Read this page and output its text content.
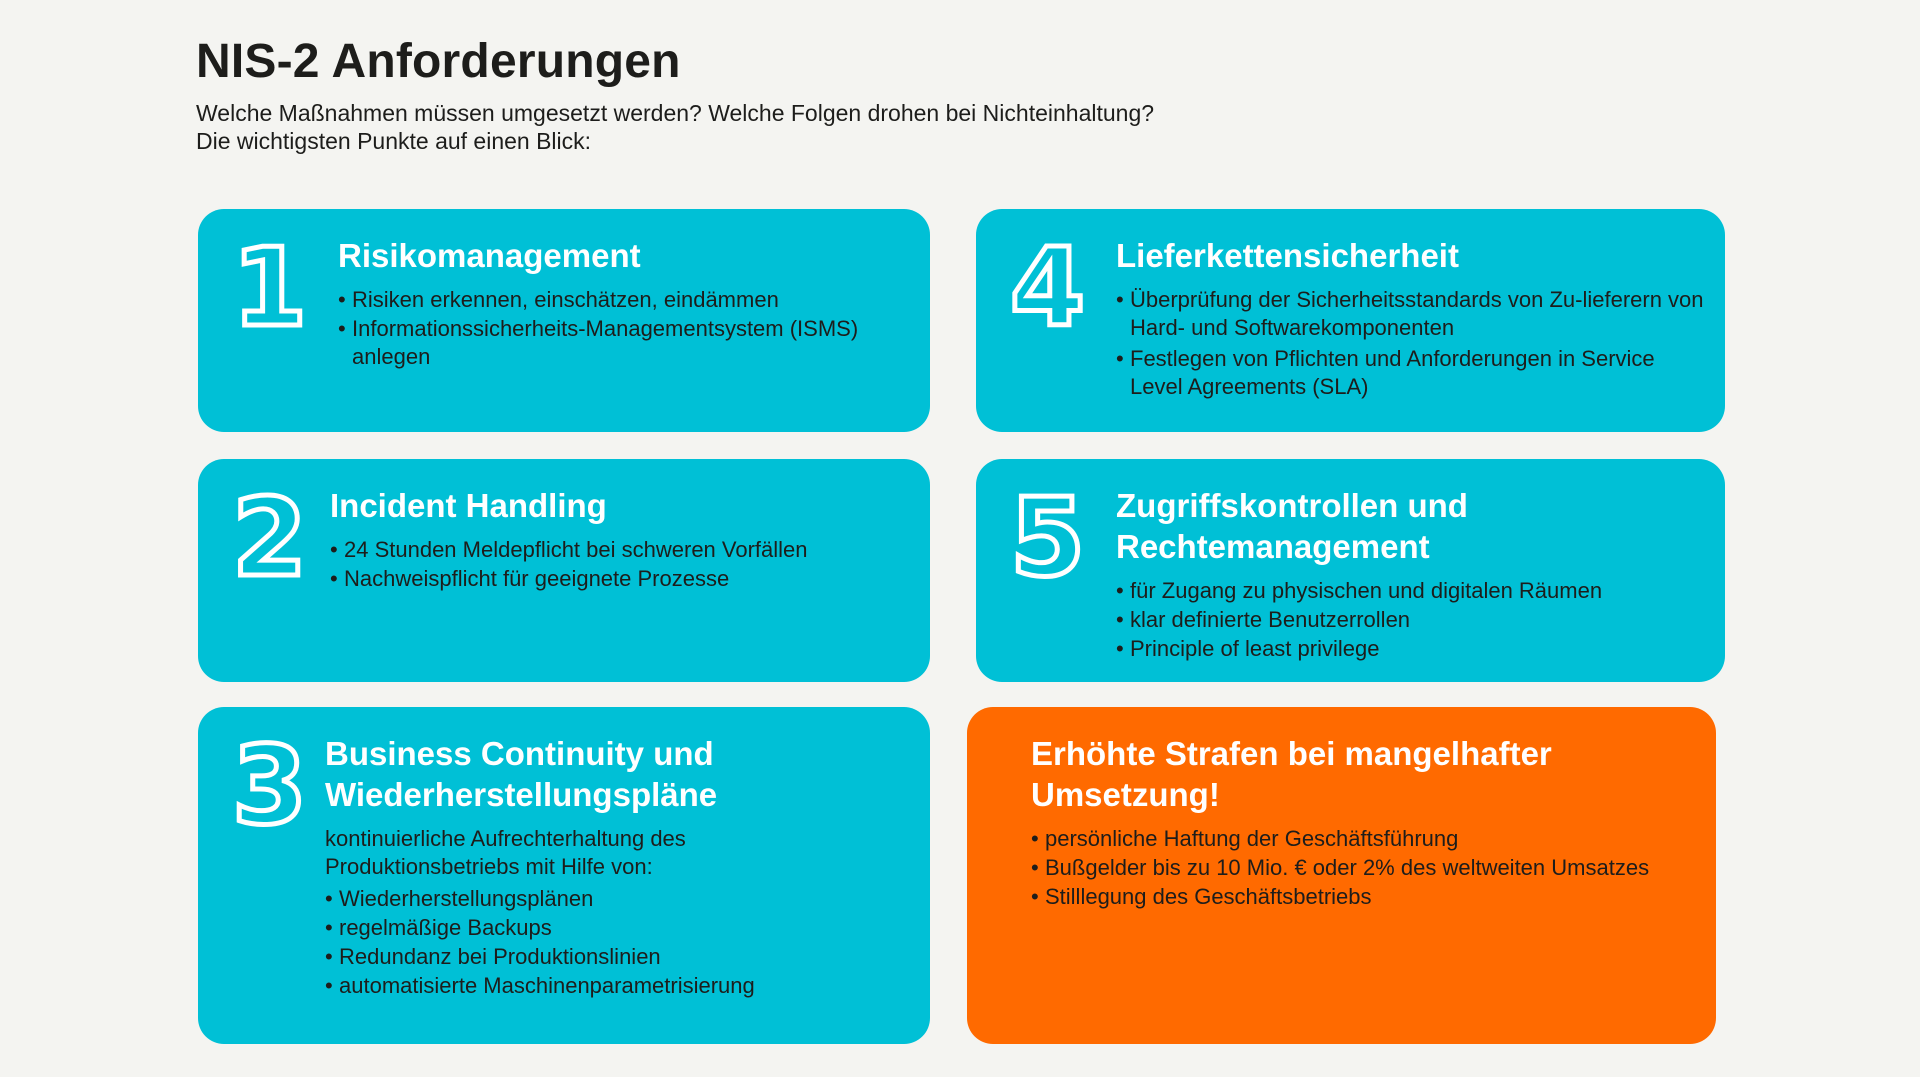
NIS-2 Anforderungen

Welche Maßnahmen müssen umgesetzt werden? Welche Folgen drohen bei Nichteinhaltung?
Die wichtigsten Punkte auf einen Blick:

1 Risikomanagement
• Risiken erkennen, einschätzen, eindämmen
• Informationssicherheits-Managementsystem (ISMS) anlegen
4 Lieferkettensicherheit
• Überprüfung der Sicherheitsstandards von Zu-lieferern von Hard- und Softwarekomponenten
• Festlegen von Pflichten und Anforderungen in Service Level Agreements (SLA)
2 Incident Handling
• 24 Stunden Meldepflicht bei schweren Vorfällen
• Nachweispflicht für geeignete Prozesse	5 Zugriffskontrollen und
Rechtemanagement
• für Zugang zu physischen und digitalen Räumen
• klar definierte Benutzerrollen
• Principle of least privilege
3 Business Continuity und
Wiederherstellungspläne

kontinuierliche Aufrechterhaltung des
Produktionsbetriebs mit Hilfe von:

• Wiederherstellungsplänen
• regelmäßige Backups
• Redundanz bei Produktionslinien
• automatisierte Maschinenparametrisierung
Erhöhte Strafen bei mangelhafter
Umsetzung!
• persönliche Haftung der Geschäftsführung
• Bußgelder bis zu 10 Mio. € oder 2% des weltweiten Umsatzes
• Stilllegung des Geschäftsbetriebs
